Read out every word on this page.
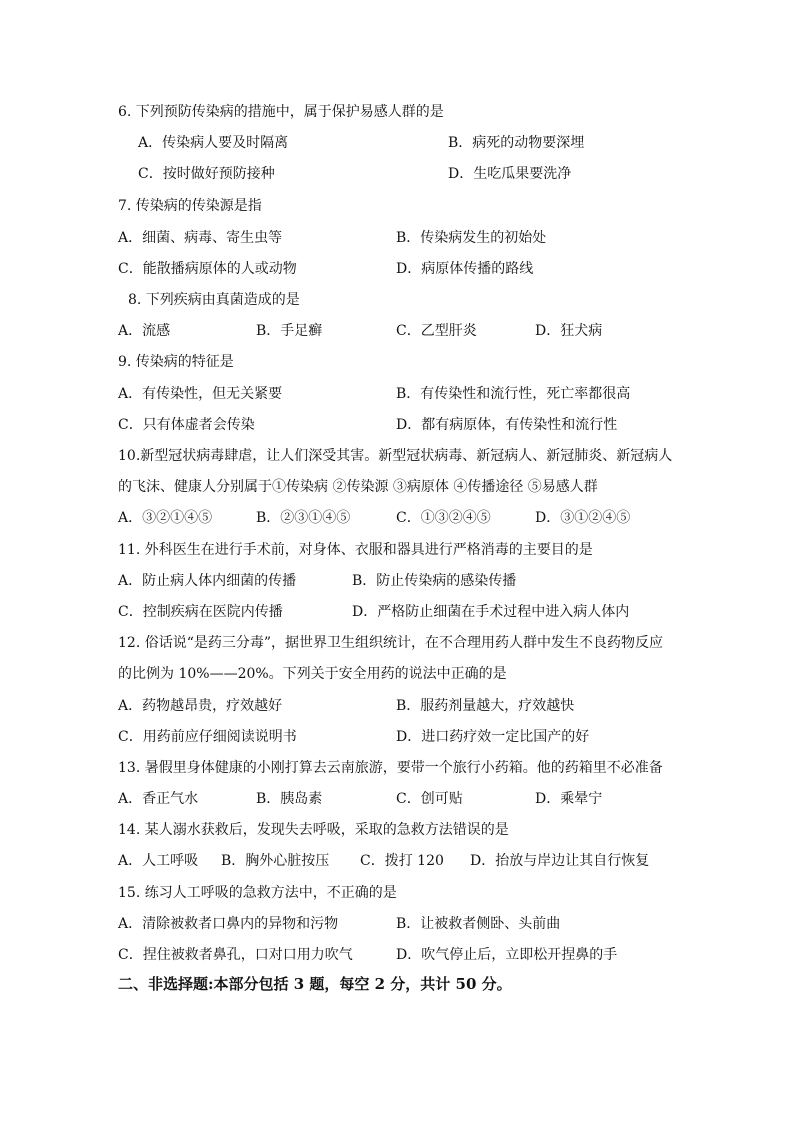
6. 下列预防传染病的措施中，属于保护易感人群的是
A．传染病人要及时隔离	B．病死的动物要深埋
C．按时做好预防接种	D．生吃瓜果要洗净
7. 传染病的传染源是指
A．细菌、病毒、寄生虫等	B．传染病发生的初始处
C．能散播病原体的人或动物	D．病原体传播的路线
8. 下列疾病由真菌造成的是
A．流感	B．手足癣	C．乙型肝炎	D．狂犬病
9. 传染病的特征是
A．有传染性，但无关紧要	B．有传染性和流行性，死亡率都很高
C．只有体虚者会传染	D．都有病原体，有传染性和流行性
10.新型冠状病毒肆虐，让人们深受其害。新型冠状病毒、新冠病人、新冠肺炎、新冠病人
的飞沫、健康人分别属于①传染病 ②传染源 ③病原体 ④传播途径 ⑤易感人群
A．③②①④⑤	B．②③①④⑤	C．①③②④⑤	D．③①②④⑤
11. 外科医生在进行手术前，对身体、衣服和器具进行严格消毒的主要目的是
A．防止病人体内细菌的传播	B．防止传染病的感染传播
C．控制疾病在医院内传播	D．严格防止细菌在手术过程中进入病人体内
12. 俗话说“是药三分毒”，据世界卫生组织统计，在不合理用药人群中发生不良药物反应
的比例为 10%——20%。下列关于安全用药的说法中正确的是
A．药物越昂贵，疗效越好	B．服药剂量越大，疗效越快
C．用药前应仔细阅读说明书	D．进口药疗效一定比国产的好
13. 暑假里身体健康的小刚打算去云南旅游，要带一个旅行小药箱。他的药箱里不必准备
A．香正气水	B．胰岛素	C．创可贴	D．乘晕宁
14. 某人溺水获救后，发现失去呼吸，采取的急救方法错误的是
A．人工呼吸 B．胸外心脏按压 C．拨打 120 D．抬放与岸边让其自行恢复
15. 练习人工呼吸的急救方法中，不正确的是
A．清除被救者口鼻内的异物和污物	B．让被救者侧卧、头前曲
C．捏住被救者鼻孔，口对口用力吹气	D．吹气停止后，立即松开捏鼻的手
二、非选择题:本部分包括 3 题，每空 2 分，共计 50 分。
